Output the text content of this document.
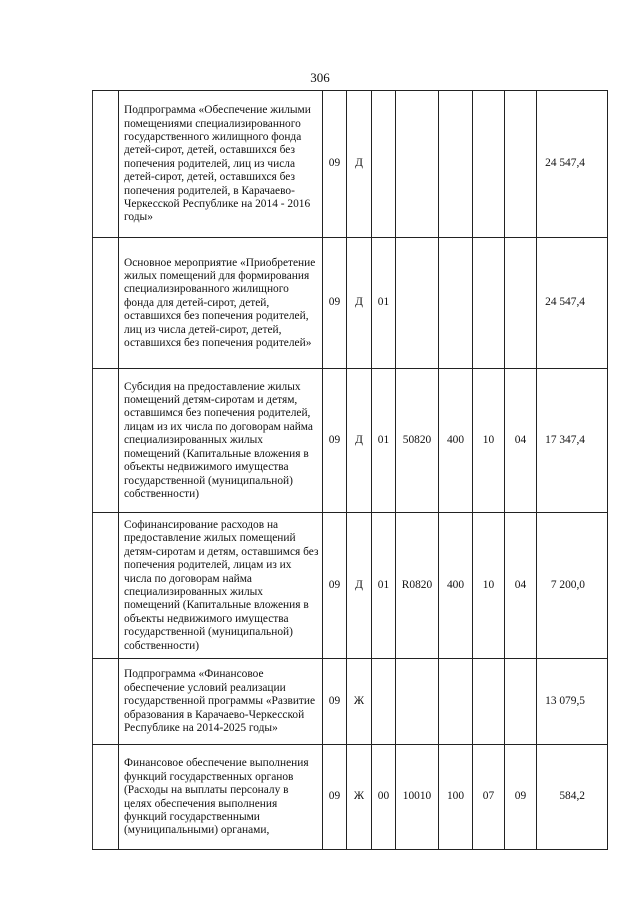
306
	Подпрограмма «Обеспечение жилыми помещениями специализированного государственного жилищного фонда детей-сирот, детей, оставшихся без попечения родителей, лиц из числа детей-сирот, детей, оставшихся без попечения родителей, в Карачаево-Черкесской Республике на 2014 - 2016 годы»	09	Д						24 547,4
	Основное мероприятие «Приобретение жилых помещений для формирования специализированного жилищного фонда для детей-сирот, детей, оставшихся без попечения родителей, лиц из числа детей-сирот, детей, оставшихся без попечения родителей»	09	Д	01					24 547,4
	Субсидия на предоставление жилых помещений детям-сиротам и детям, оставшимся без попечения родителей, лицам из их числа по договорам найма специализированных жилых помещений (Капитальные вложения в объекты недвижимого имущества государственной (муниципальной) собственности)	09	Д	01	50820	400	10	04	17 347,4
	Софинансирование расходов на предоставление жилых помещений детям-сиротам и детям, оставшимся без попечения родителей, лицам из их числа по договорам найма специализированных жилых помещений (Капитальные вложения в объекты недвижимого имущества государственной (муниципальной) собственности)	09	Д	01	R0820	400	10	04	7 200,0
	Подпрограмма «Финансовое обеспечение условий реализации государственной программы «Развитие образования в Карачаево-Черкесской Республике на 2014-2025 годы»	09	Ж						13 079,5
	Финансовое обеспечение выполнения функций государственных органов (Расходы на выплаты персоналу в целях обеспечения выполнения функций государственными (муниципальными) органами,	09	Ж	00	10010	100	07	09	584,2
